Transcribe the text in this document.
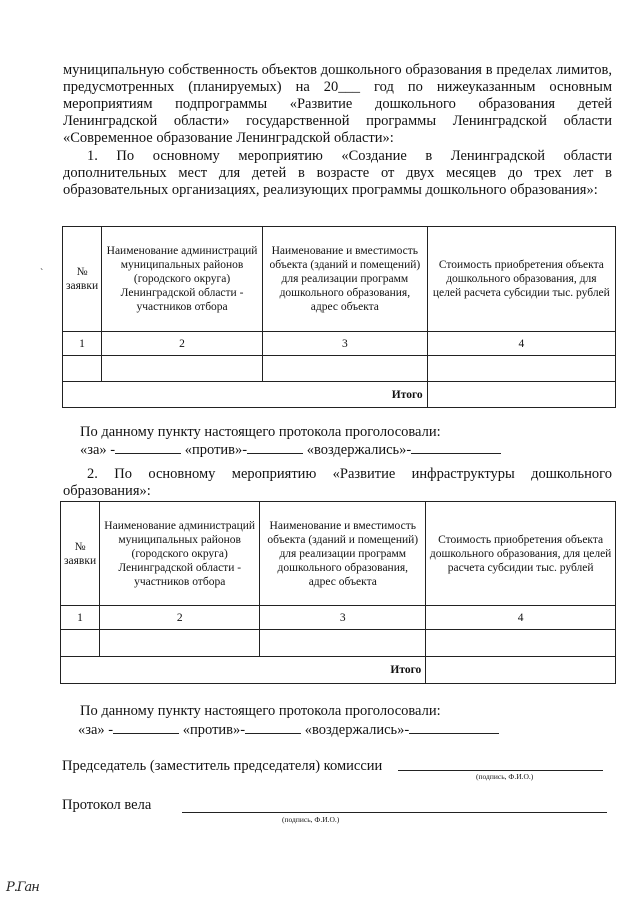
муниципальную собственность объектов дошкольного образования в пределах лимитов, предусмотренных (планируемых) на 20___ год по нижеуказанным основным мероприятиям подпрограммы «Развитие дошкольного образования детей Ленинградской области» государственной программы Ленинградской области «Современное образование Ленинградской области»:

1. По основному мероприятию «Создание в Ленинградской области дополнительных мест для детей в возрасте от двух месяцев до трех лет в образовательных организациях, реализующих программы дошкольного образования»:

`	№ заявки	Наименование администраций муниципальных районов (городского округа) Ленинградской области - участников отбора	Наименование и вместимость объекта (зданий и помещений) для реализации программ дошкольного образования, адрес объекта	Стоимость приобретения объекта дошкольного образования, для целей расчета субсидии тыс. рублей
1	2	3	4

Итого			

По данному пункту настоящего протокола проголосовали:

«за» -	«против»-	«воздержались»-

2. По основному мероприятию «Развитие инфраструктуры дошкольного образования»:

№ заявки	Наименование администраций муниципальных районов (городского округа) Ленинградской области - участников отбора	Наименование и вместимость объекта (зданий и помещений) для реализации программ дошкольного образования, адрес объекта	Стоимость приобретения объекта дошкольного образования, для целей расчета субсидии тыс. рублей
1	2	3	4

Итого			

По данному пункту настоящего протокола проголосовали:

«за» -	«против»-	«воздержались»-

Председатель (заместитель председателя) комиссии
(подпись, Ф.И.О.)
Протокол вела
(подпись, Ф.И.О.)
Р.Ган
